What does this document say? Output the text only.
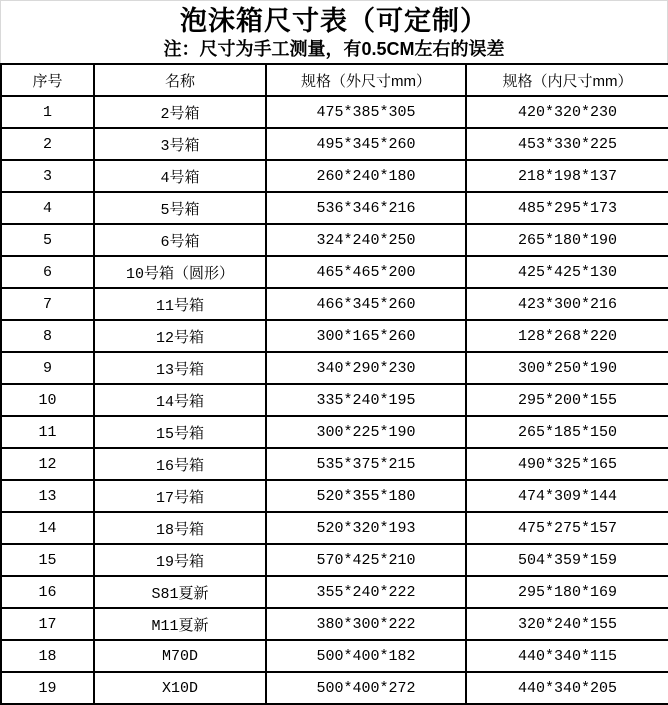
泡沫箱尺寸表（可定制）
注：尺寸为手工测量，有0.5CM左右的误差
序号	名称	规格（外尺寸mm）	规格（内尺寸mm）
1	2号箱	475*385*305	420*320*230
2	3号箱	495*345*260	453*330*225
3	4号箱	260*240*180	218*198*137
4	5号箱	536*346*216	485*295*173
5	6号箱	324*240*250	265*180*190
6	10号箱（圆形）	465*465*200	425*425*130
7	11号箱	466*345*260	423*300*216
8	12号箱	300*165*260	128*268*220
9	13号箱	340*290*230	300*250*190
10	14号箱	335*240*195	295*200*155
11	15号箱	300*225*190	265*185*150
12	16号箱	535*375*215	490*325*165
13	17号箱	520*355*180	474*309*144
14	18号箱	520*320*193	475*275*157
15	19号箱	570*425*210	504*359*159
16	S81夏新	355*240*222	295*180*169
17	M11夏新	380*300*222	320*240*155
18	M70D	500*400*182	440*340*115
19	X10D	500*400*272	440*340*205
